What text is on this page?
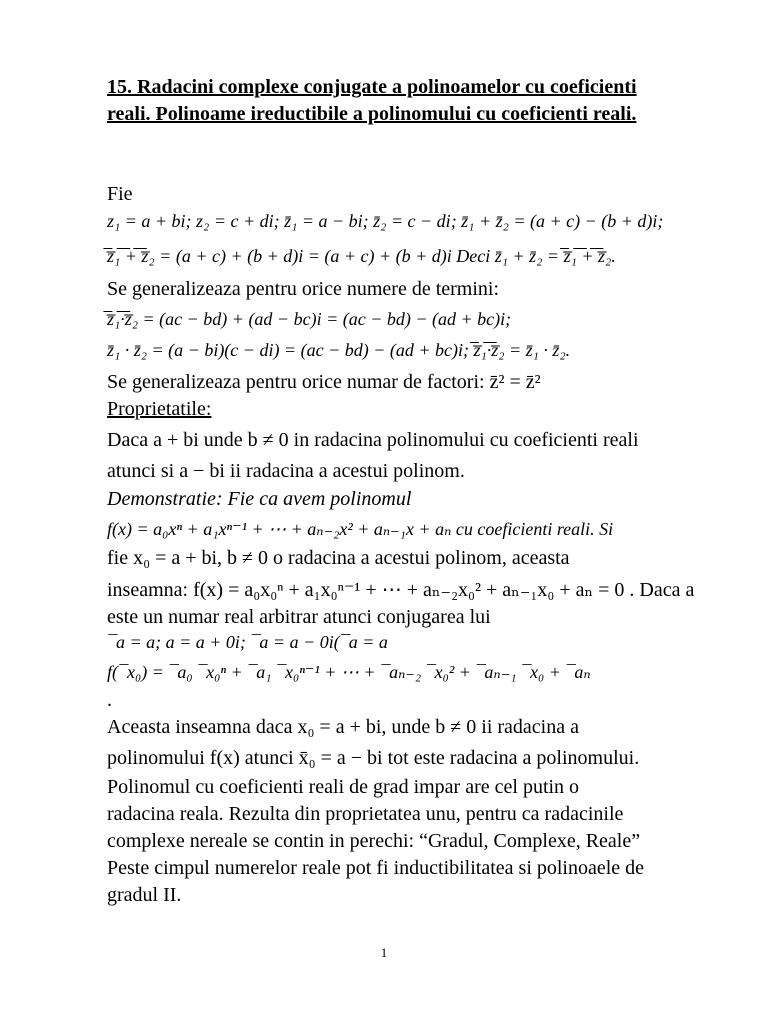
15. Radacini complexe conjugate a polinoamelor cu coeficienti
reali. Polinoame ireductibile a polinomului cu coeficienti reali.
Fie
z₁ = a + bi; z₂ = c + di; z̄₁ = a − bi; z̄₂ = c − di; z̄₁ + z̄₂ = (a + c) − (b + d)i;
̅z̅₁̅ ̅+̅ ̅z̅₂ = (a + c) + (b + d)i = (a + c) + (b + d)i Deci z̄₁ + z̄₂ = ̅z̅₁̅ ̅+̅ ̅z̅₂.
Se generalizeaza pentru orice numere de termini:
̅z̅₁̅·̅z̅₂ = (ac − bd) + (ad − bc)i = (ac − bd) − (ad + bc)i;
z̄₁ · z̄₂ = (a − bi)(c − di) = (ac − bd) − (ad + bc)i; ̅z̅₁̅·̅z̅₂ = z̄₁ · z̄₂.
Se generalizeaza pentru orice numar de factori: z̄² = z̄²
Proprietatile:
Daca a + bi unde b ≠ 0 in radacina polinomului cu coeficienti reali
atunci si a − bi ii radacina a acestui polinom.
Demonstratie: Fie ca avem polinomul
f(x) = a₀xⁿ + a₁xⁿ⁻¹ + ⋯ + aₙ₋₂x² + aₙ₋₁x + aₙ cu coeficienti reali. Si
fie x₀ = a + bi, b ≠ 0 o radacina a acestui polinom, aceasta
inseamna: f(x) = a₀x₀ⁿ + a₁x₀ⁿ⁻¹ + ⋯ + aₙ₋₂x₀² + aₙ₋₁x₀ + aₙ = 0 . Daca a
este un numar real arbitrar atunci conjugarea lui
¯a = a; a = a + 0i; ¯a = a − 0i(¯a = a
f(¯x₀) = ¯a₀ ¯x₀ⁿ + ¯a₁ ¯x₀ⁿ⁻¹ + ⋯ + ¯aₙ₋₂ ¯x₀² + ¯aₙ₋₁ ¯x₀ + ¯aₙ
.
Aceasta inseamna daca x₀ = a + bi, unde b ≠ 0 ii radacina a
polinomului f(x) atunci x̄₀ = a − bi tot este radacina a polinomului.
Polinomul cu coeficienti reali de grad impar are cel putin o
radacina reala. Rezulta din proprietatea unu, pentru ca radacinile
complexe nereale se contin in perechi: “Gradul, Complexe, Reale”
Peste cimpul numerelor reale pot fi inductibilitatea si polinoaele de
gradul II.
1
